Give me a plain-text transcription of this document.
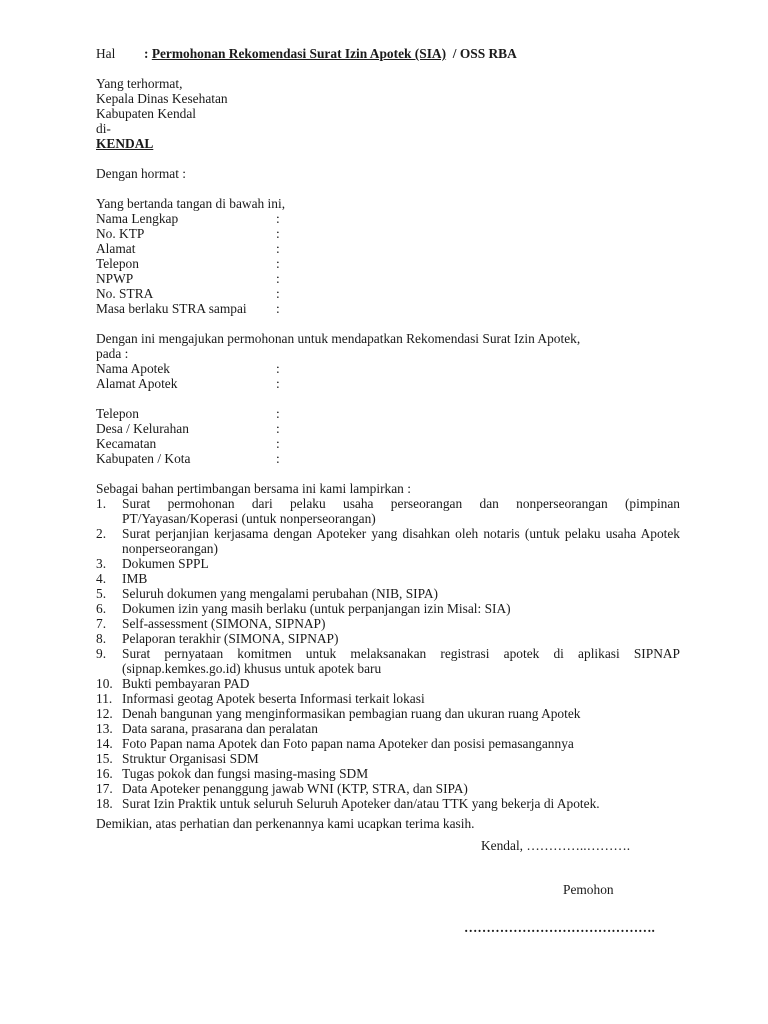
Hal	: Permohonan Rekomendasi Surat Izin Apotek (SIA)  / OSS RBA
Yang terhormat,
Kepala Dinas Kesehatan
Kabupaten Kendal
di-
KENDAL
Dengan hormat :
Yang bertanda tangan di bawah ini,
Nama Lengkap	:
No. KTP	:
Alamat	:
Telepon	:
NPWP	:
No. STRA	:
Masa berlaku STRA sampai	:
Dengan ini mengajukan permohonan untuk mendapatkan Rekomendasi Surat Izin Apotek,
pada :
Nama Apotek	:
Alamat Apotek	:
Telepon	:
Desa / Kelurahan	:
Kecamatan	:
Kabupaten / Kota	:
Sebagai bahan pertimbangan bersama ini kami lampirkan :
1.	Surat permohonan dari pelaku usaha perseorangan dan nonperseorangan (pimpinan PT/Yayasan/Koperasi (untuk nonperseorangan)
2.	Surat perjanjian kerjasama dengan Apoteker yang disahkan oleh notaris (untuk pelaku usaha Apotek nonperseorangan)
3.	Dokumen SPPL
4.	IMB
5.	Seluruh dokumen yang mengalami perubahan (NIB, SIPA)
6.	Dokumen izin yang masih berlaku (untuk perpanjangan izin Misal: SIA)
7.	Self-assessment (SIMONA, SIPNAP)
8.	Pelaporan terakhir (SIMONA, SIPNAP)
9.	Surat pernyataan komitmen untuk melaksanakan registrasi apotek di aplikasi SIPNAP (sipnap.kemkes.go.id) khusus untuk apotek baru
10. Bukti pembayaran PAD
11. Informasi geotag Apotek beserta Informasi terkait lokasi
12. Denah bangunan yang menginformasikan pembagian ruang dan ukuran ruang Apotek
13. Data sarana, prasarana dan peralatan
14. Foto Papan nama Apotek dan Foto papan nama Apoteker dan posisi pemasangannya
15. Struktur Organisasi SDM
16. Tugas pokok dan fungsi masing-masing SDM
17. Data Apoteker penanggung jawab WNI (KTP, STRA, dan SIPA)
18. Surat Izin Praktik untuk seluruh Seluruh Apoteker dan/atau TTK yang bekerja di Apotek.
Demikian, atas perhatian dan perkenannya kami ucapkan terima kasih.
Kendal, …………..……….
Pemohon
…………………………………….
